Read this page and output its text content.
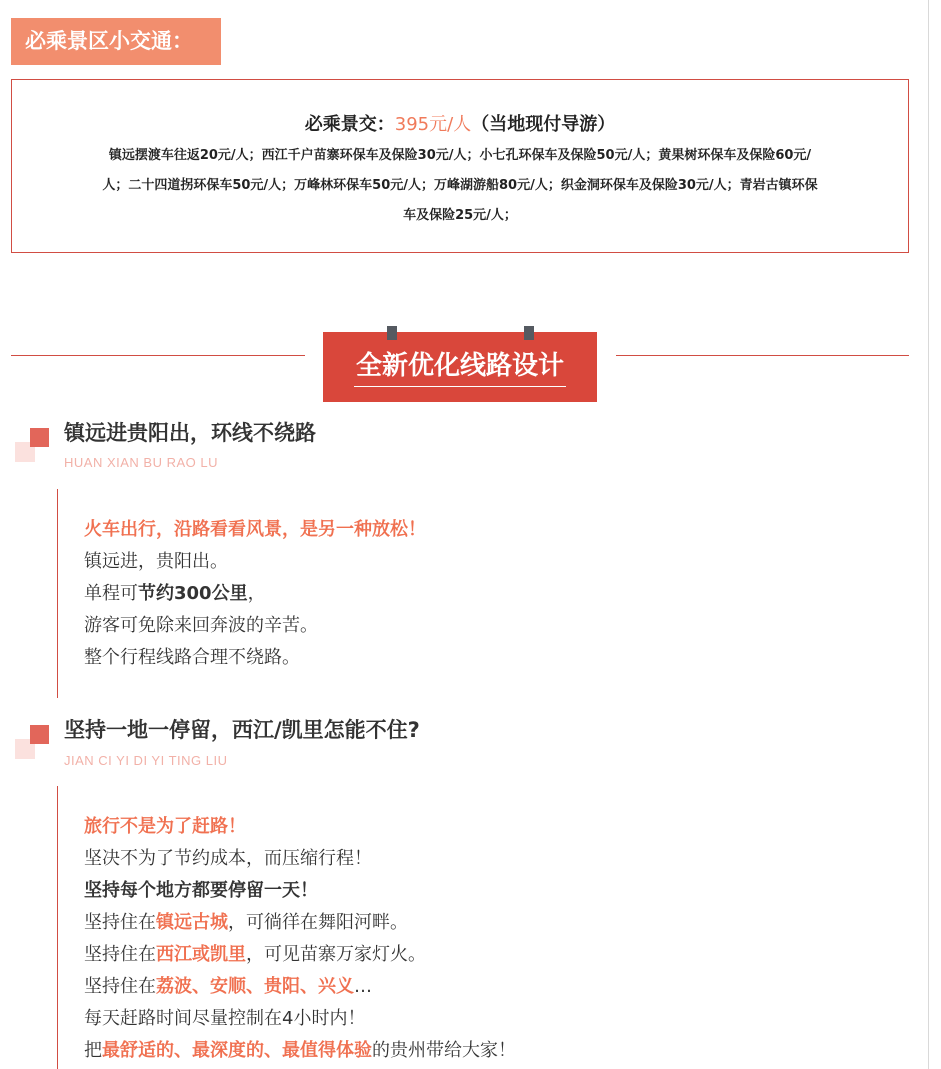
必乘景区小交通：
必乘景交：395元/人（当地现付导游）
镇远摆渡车往返20元/人；西江千户苗寨环保车及保险30元/人；小七孔环保车及保险50元/人；黄果树环保车及保险60元/
人；二十四道拐环保车50元/人；万峰林环保车50元/人；万峰湖游船80元/人；织金洞环保车及保险30元/人；青岩古镇环保
车及保险25元/人；
全新优化线路设计
镇远进贵阳出，环线不绕路
HUAN XIAN BU RAO LU

火车出行，沿路看看风景，是另一种放松！

镇远进，贵阳出。

单程可节约300公里，

游客可免除来回奔波的辛苦。

整个行程线路合理不绕路。

坚持一地一停留，西江/凯里怎能不住?
JIAN CI YI DI YI TING LIU

旅行不是为了赶路！

坚决不为了节约成本，而压缩行程！

坚持每个地方都要停留一天！

坚持住在镇远古城，可徜徉在舞阳河畔。

坚持住在西江或凯里，可见苗寨万家灯火。

坚持住在荔波、安顺、贵阳、兴义…

每天赶路时间尽量控制在4小时内！

把最舒适的、最深度的、最值得体验的贵州带给大家！
